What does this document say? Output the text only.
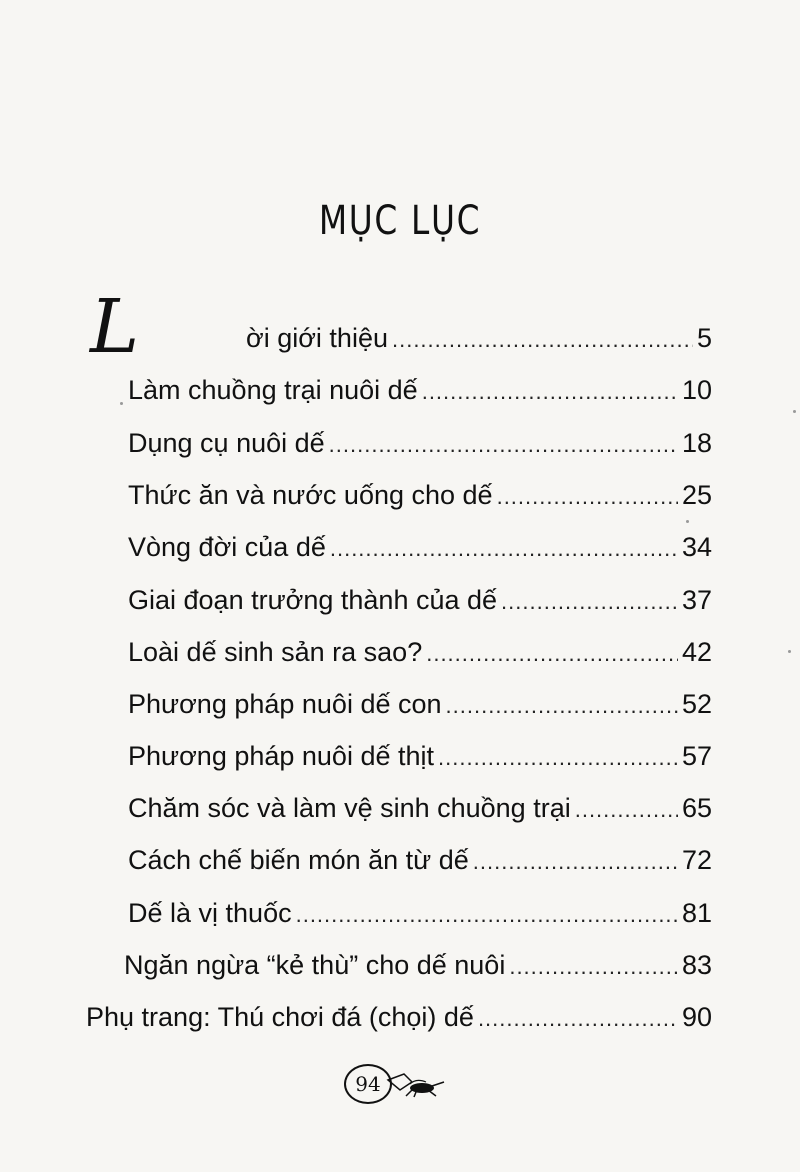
MỤC LỤC
L	ời giới thiệu .....	5
Làm chuồng trại nuôi dế .....	10
Dụng cụ nuôi dế .....	18
Thức ăn và nước uống cho dế .....	25
Vòng đời của dế .....	34
Giai đoạn trưởng thành của dế .....	37
Loài dế sinh sản ra sao? .....	42
Phương pháp nuôi dế con .....	52
Phương pháp nuôi dế thịt .....	57
Chăm sóc và làm vệ sinh chuồng trại .....	65
Cách chế biến món ăn từ dế .....	72
Dế là vị thuốc .....	81
Ngăn ngừa “kẻ thù” cho dế nuôi .....	83
Phụ trang: Thú chơi đá (chọi) dế .....	90
94
